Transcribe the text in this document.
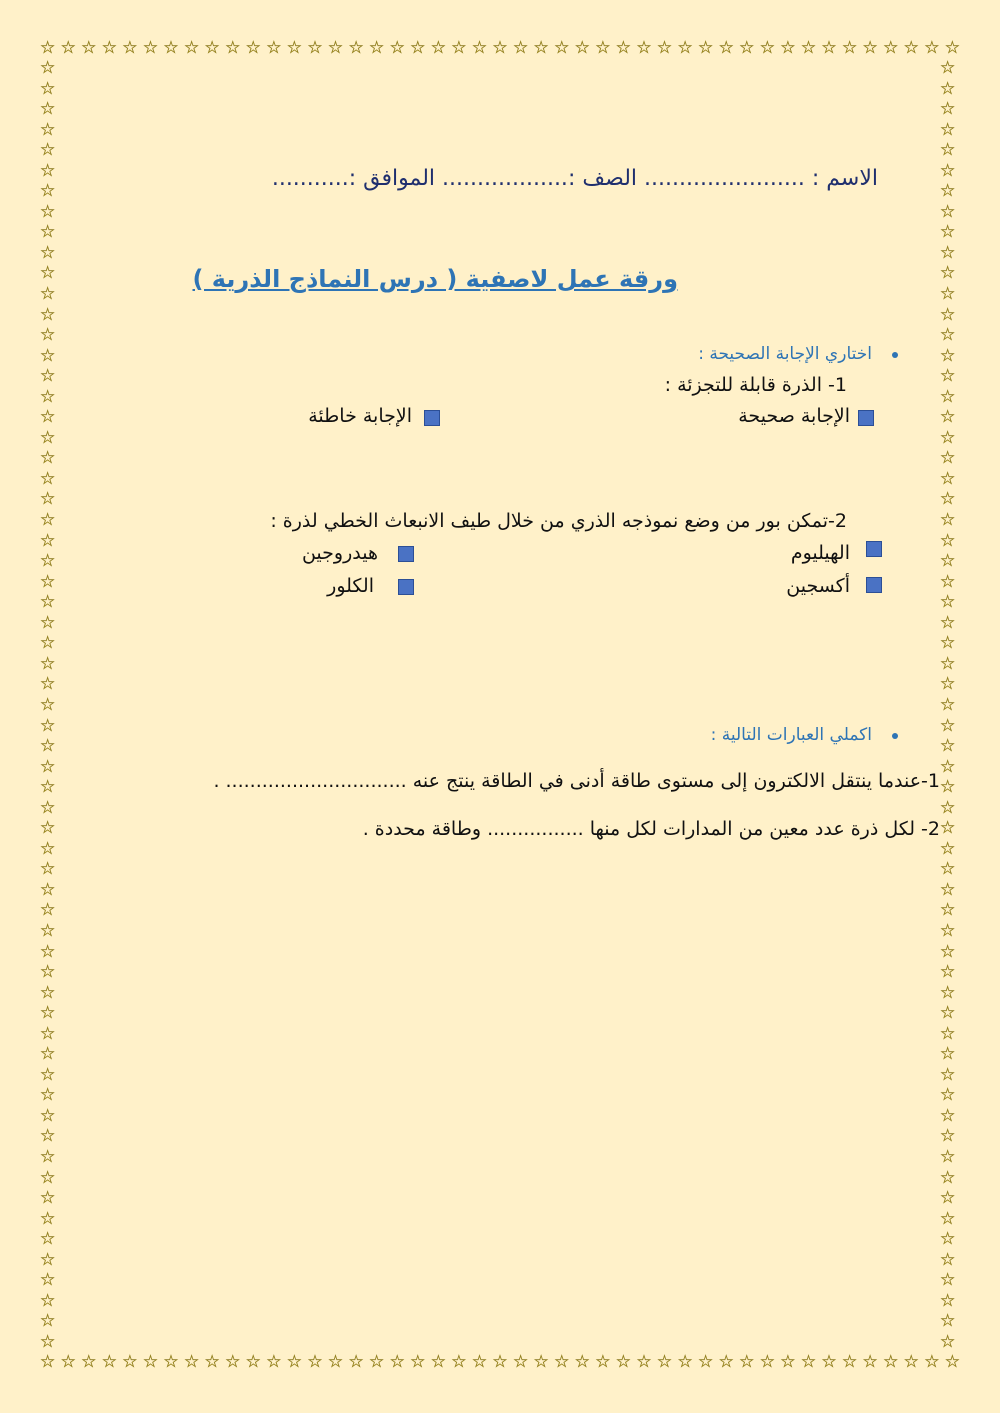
☆ ☆ ☆ ☆ ☆ ☆ ☆ ☆ ☆ ☆ ☆ ☆ ☆ ☆ ☆ ☆ ☆ ☆ ☆ ☆ ☆ ☆ ☆ ☆ ☆ ☆ ☆ ☆ ☆ ☆ ☆ ☆ ☆ ☆ ☆ ☆ ☆ ☆ ☆ ☆ ☆ ☆ ☆ ☆ ☆
☆ ☆ ☆ ☆ ☆ ☆ ☆ ☆ ☆ ☆ ☆ ☆ ☆ ☆ ☆ ☆ ☆ ☆ ☆ ☆ ☆ ☆ ☆ ☆ ☆ ☆ ☆ ☆ ☆ ☆ ☆ ☆ ☆ ☆ ☆ ☆ ☆ ☆ ☆ ☆ ☆ ☆ ☆ ☆ ☆
☆
☆
☆
☆
☆
☆
☆
☆
☆
☆
☆
☆
☆
☆
☆
☆
☆
☆
☆
☆
☆
☆
☆
☆
☆
☆
☆
☆
☆
☆
☆
☆
☆
☆
☆
☆
☆
☆
☆
☆
☆
☆
☆
☆
☆
☆
☆
☆
☆
☆
☆
☆
☆
☆
☆
☆
☆
☆
☆
☆
☆
☆
☆
☆
☆
☆
☆
☆
☆
☆
☆
☆
☆
☆
☆
☆
☆
☆
☆
☆
☆
☆
☆
☆
☆
☆
☆
☆
☆
☆
☆
☆
☆
☆
☆
☆
☆
☆
☆
☆
☆
☆
☆
☆
☆
☆
☆
☆
☆
☆
☆
☆
☆
☆
☆
☆
☆
☆
☆
☆
☆
☆
☆
☆
☆
☆
الاسم : ....................... الصف :.................. الموافق :...........
ورقة عمل لاصفية ( درس النماذج الذرية )
اختاري الإجابة الصحيحة :
1- الذرة قابلة للتجزئة :
الإجابة صحيحة
الإجابة خاطئة
2-تمكن بور من وضع نموذجه الذري من خلال طيف الانبعاث الخطي لذرة :
الهيليوم
هيدروجين
أكسجين
الكلور
اكملي العبارات التالية :
1-عندما ينتقل الالكترون إلى مستوى طاقة أدنى في الطاقة ينتج عنه .............................. .
2- لكل ذرة عدد معين من المدارات لكل منها ................ وطاقة محددة .
